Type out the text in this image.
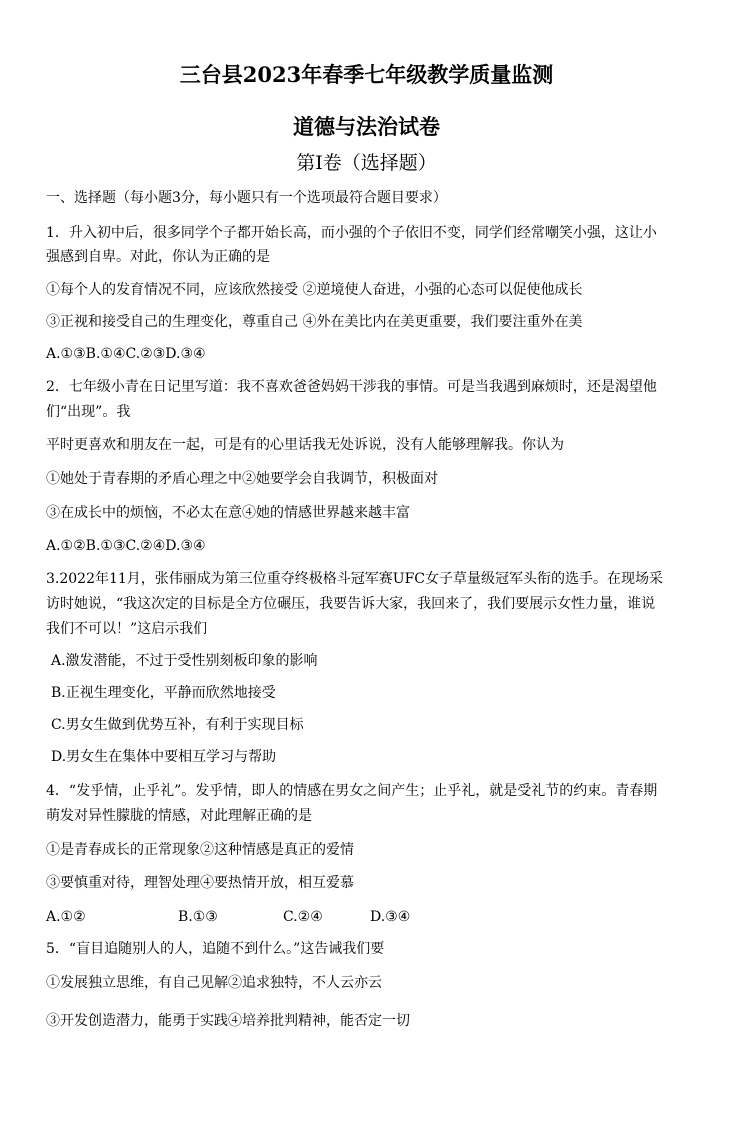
三台县2023年春季七年级教学质量监测
道德与法治试卷
第Ⅰ卷（选择题）
一、选择题（每小题3分，每小题只有一个选项最符合题目要求）
1．升入初中后，很多同学个子都开始长高，而小强的个子依旧不变，同学们经常嘲笑小强，这让小
强感到自卑。对此，你认为正确的是
①每个人的发育情况不同，应该欣然接受 ②逆境使人奋进，小强的心态可以促使他成长
③正视和接受自己的生理变化，尊重自己 ④外在美比内在美更重要，我们要注重外在美
A.①③B.①④C.②③D.③④
2．七年级小青在日记里写道：我不喜欢爸爸妈妈干涉我的事情。可是当我遇到麻烦时，还是渴望他
们“出现”。我
平时更喜欢和朋友在一起，可是有的心里话我无处诉说，没有人能够理解我。你认为
①她处于青春期的矛盾心理之中②她要学会自我调节，积极面对
③在成长中的烦恼，不必太在意④她的情感世界越来越丰富
A.①②B.①③C.②④D.③④
3.2022年11月，张伟丽成为第三位重夺终极格斗冠军赛UFC女子草量级冠军头衔的选手。在现场采
访时她说，“我这次定的目标是全方位碾压，我要告诉大家，我回来了，我们要展示女性力量，谁说
我们不可以！”这启示我们
A.激发潜能，不过于受性别刻板印象的影响
B.正视生理变化，平静而欣然地接受
C.男女生做到优势互补，有利于实现目标
D.男女生在集体中要相互学习与帮助
4．“发乎情，止乎礼”。发乎情，即人的情感在男女之间产生；止乎礼，就是受礼节的约束。青春期
萌发对异性朦胧的情感，对此理解正确的是
①是青春成长的正常现象②这种情感是真正的爱情
③要慎重对待，理智处理④要热情开放，相互爱慕
A.①②	B.①③	C.②④	D.③④
5．“盲目追随别人的人，追随不到什么。”这告诫我们要
①发展独立思维，有自己见解②追求独特，不人云亦云
③开发创造潜力，能勇于实践④培养批判精神，能否定一切
